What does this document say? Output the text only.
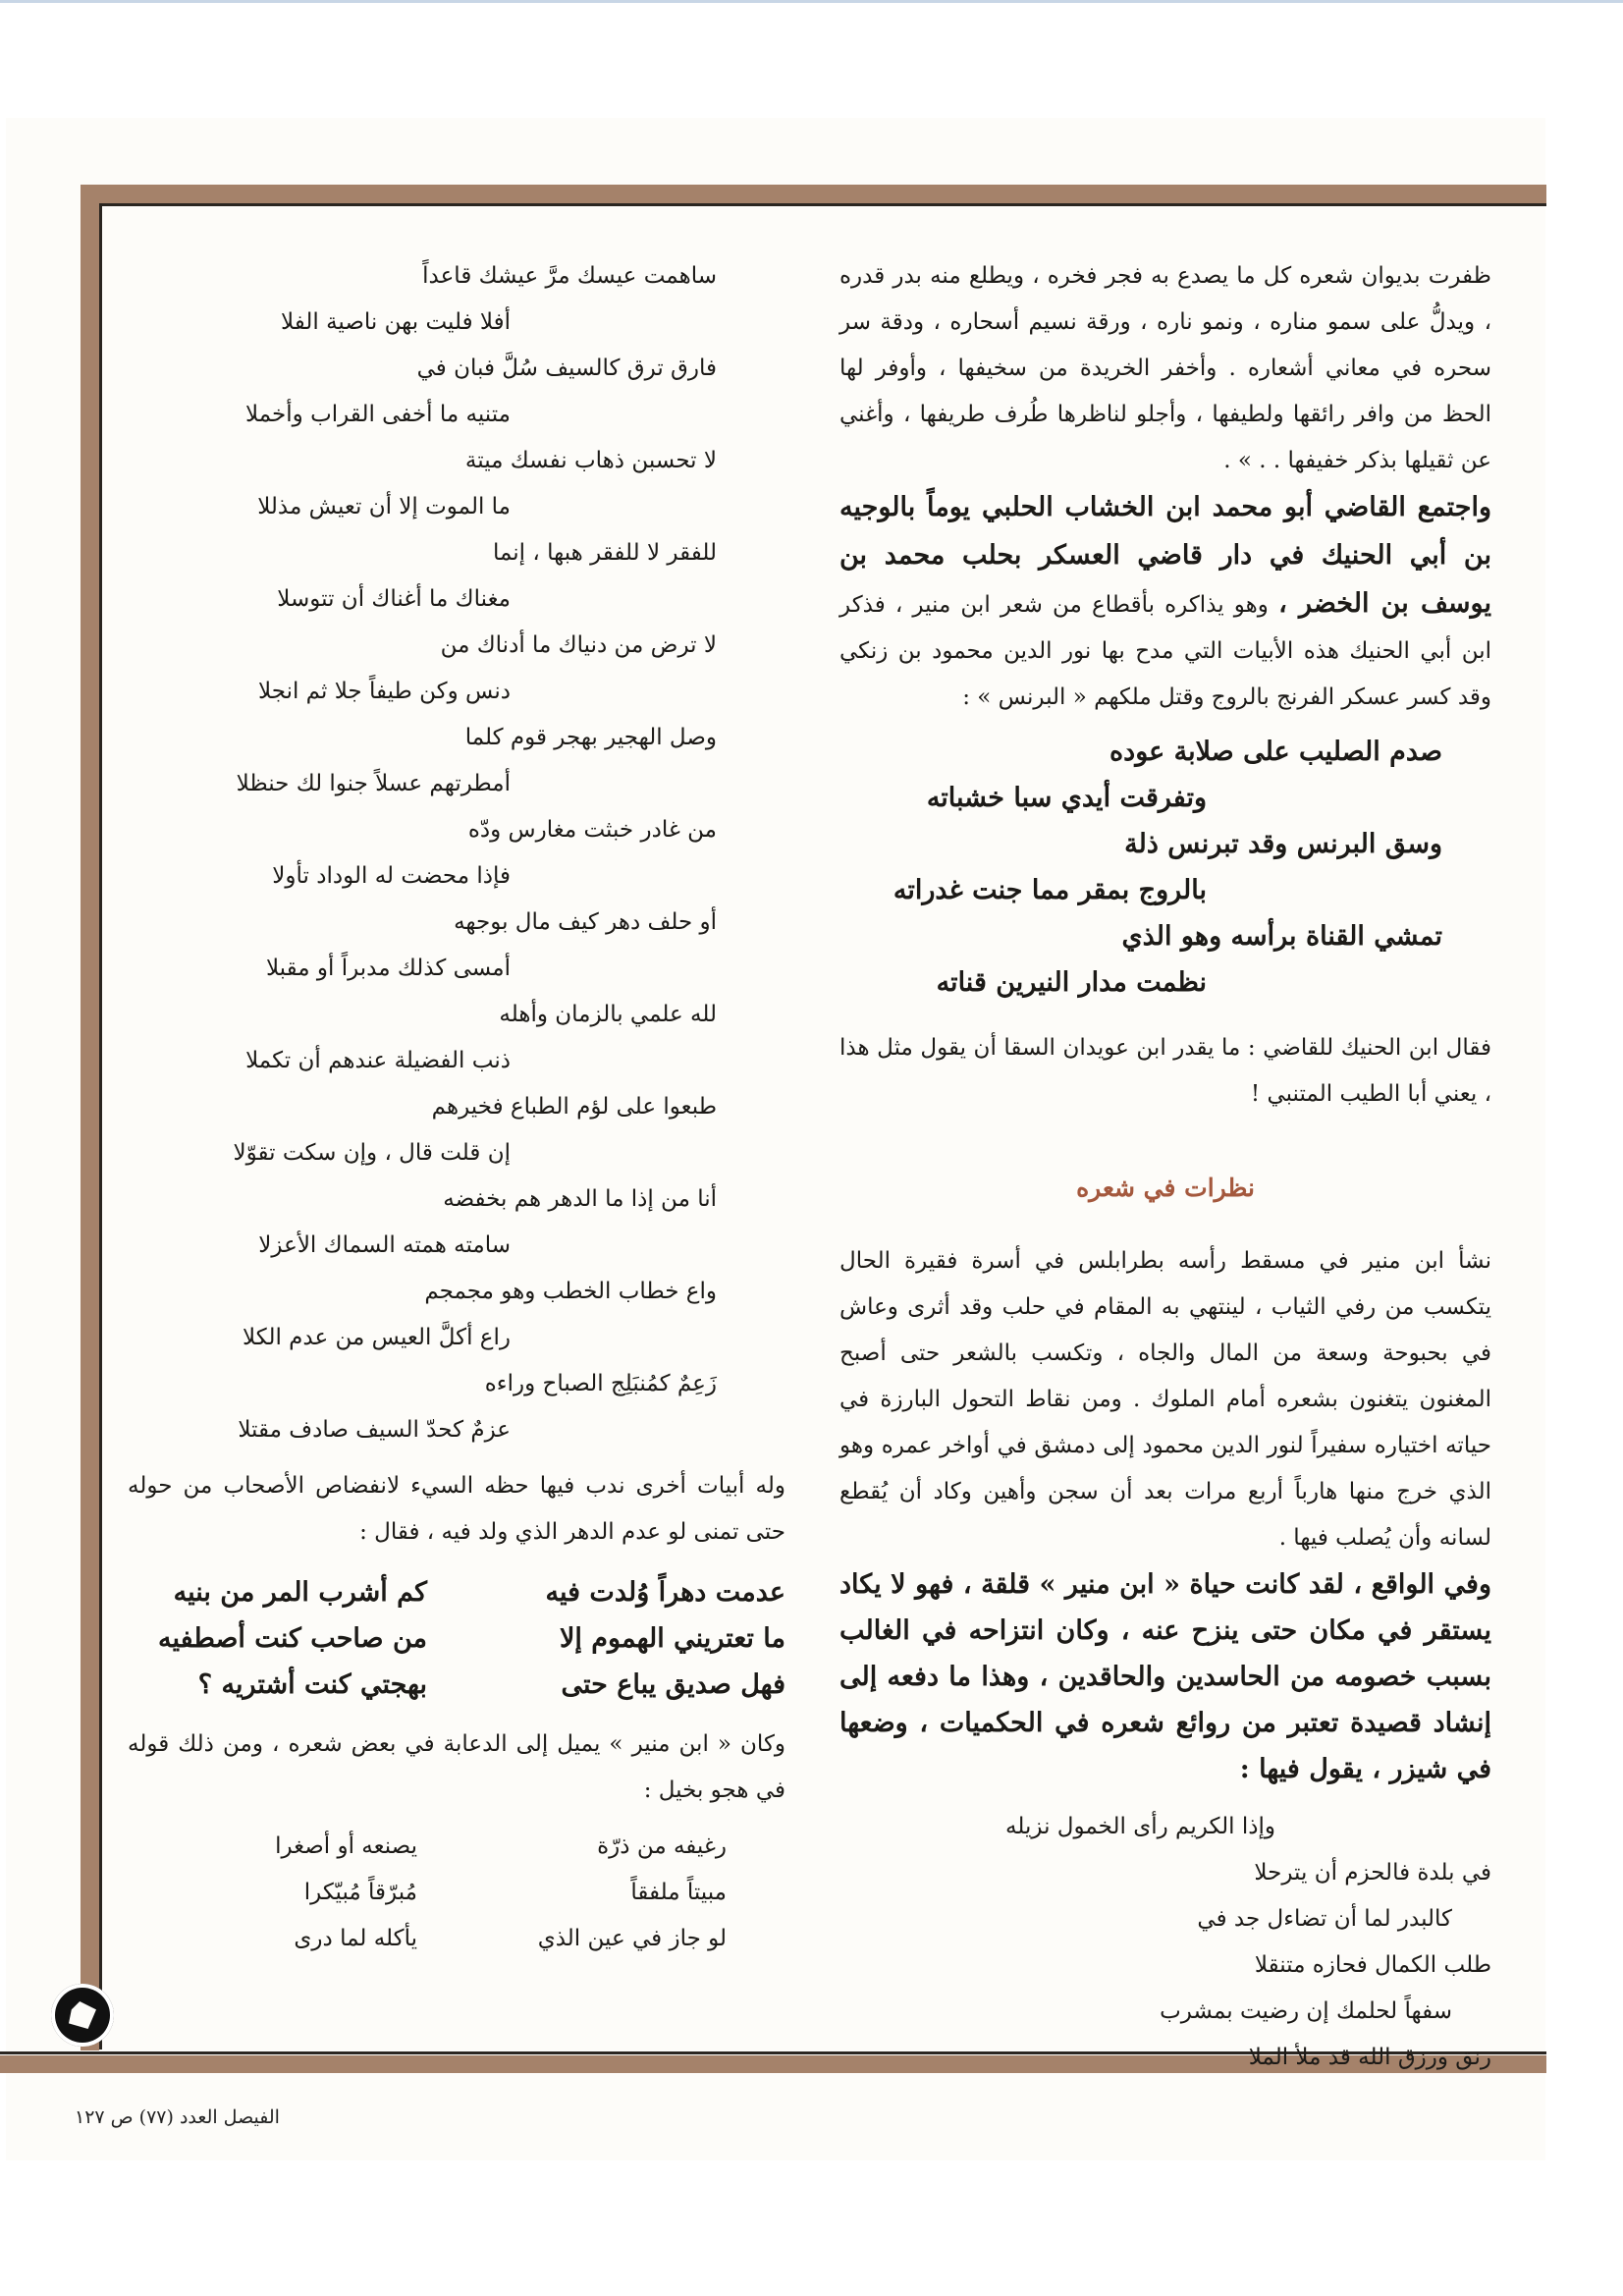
ظفرت بديوان شعره كل ما يصدع به فجر فخره ، ويطلع منه بدر قدره ، ويدلُّ على سمو مناره ، ونمو ناره ، ورقة نسيم أسحاره ، ودقة سر سحره في معاني أشعاره . وأخفر الخريدة من سخيفها ، وأوفر لها الحظ من وافر رائقها ولطيفها ، وأجلو لناظرها طُرف طريفها ، وأغني عن ثقيلها بذكر خفيفها . . » .

واجتمع القاضي أبو محمد ابن الخشاب الحلبي يوماً بالوجيه بن أبي الحنيك في دار قاضي العسكر بحلب محمد بن يوسف بن الخضر ، وهو يذاكره بأقطاع من شعر ابن منير ، فذكر ابن أبي الحنيك هذه الأبيات التي مدح بها نور الدين محمود بن زنكي وقد كسر عسكر الفرنج بالروج وقتل ملكهم « البرنس » :

صدم الصليب على صلابة عوده
وتفرقت أيدي سبا خشباته
وسق البرنس وقد تبرنس ذلة
بالروج بمقر مما جنت غدراته
تمشي القناة برأسه وهو الذي
نظمت مدار النيرين قناته

فقال ابن الحنيك للقاضي : ما يقدر ابن عويدان السقا أن يقول مثل هذا ، يعني أبا الطيب المتنبي !

نظرات في شعره

نشأ ابن منير في مسقط رأسه بطرابلس في أسرة فقيرة الحال يتكسب من رفي الثياب ، لينتهي به المقام في حلب وقد أثرى وعاش في بحبوحة وسعة من المال والجاه ، وتكسب بالشعر حتى أصبح المغنون يتغنون بشعره أمام الملوك . ومن نقاط التحول البارزة في حياته اختياره سفيراً لنور الدين محمود إلى دمشق في أواخر عمره وهو الذي خرج منها هارباً أربع مرات بعد أن سجن وأهين وكاد أن يُقطع لسانه وأن يُصلب فيها .

وفي الواقع ، لقد كانت حياة « ابن منير » قلقة ، فهو لا يكاد يستقر في مكان حتى ينزح عنه ، وكان انتزاحه في الغالب بسبب خصومه من الحاسدين والحاقدين ، وهذا ما دفعه إلى إنشاد قصيدة تعتبر من روائع شعره في الحكميات ، وضعها في شيزر ، يقول فيها :

وإذا الكريم رأى الخمول نزيله
في بلدة فالحزم أن يترحلا
كالبدر لما أن تضاءل جد في
طلب الكمال فحازه متنقلا
سفهاً لحلمك إن رضيت بمشرب
رنق ورزق الله قد ملأ الملا
ساهمت عيسك مرَّ عيشك قاعداً
أفلا فليت بهن ناصية الفلا
فارق ترق كالسيف سُلَّ فبان في
متنيه ما أخفى القراب وأخملا
لا تحسبن ذهاب نفسك ميتة
ما الموت إلا أن تعيش مذللا
للفقر لا للفقر هبها ، إنما
مغناك ما أغناك أن تتوسلا
لا ترض من دنياك ما أدناك من
دنس وكن طيفاً جلا ثم انجلا
وصل الهجير بهجر قوم كلما
أمطرتهم عسلاً جنوا لك حنظلا
من غادر خبثت مغارس ودّه
فإذا محضت له الوداد تأولا
أو حلف دهر كيف مال بوجهه
أمسى كذلك مدبراً أو مقبلا
لله علمي بالزمان وأهله
ذنب الفضيلة عندهم أن تكملا
طبعوا على لؤم الطباع فخيرهم
إن قلت قال ، وإن سكت تقوّلا
أنا من إذا ما الدهر هم بخفضه
سامته همته السماك الأعزلا
واع خطاب الخطب وهو مجمجم
راع أكلَّ العيس من عدم الكلا
زَعِمٌ كمُنبَلِج الصباح وراءه
عزمٌ كحدّ السيف صادف مقتلا

وله أبيات أخرى ندب فيها حظه السيء لانفضاص الأصحاب من حوله حتى تمنى لو عدم الدهر الذي ولد فيه ، فقال :

عدمت دهراً وُلدت فيه
كم أشرب المر من بنيه
ما تعتريني الهموم إلا
من صاحب كنت أصطفيه
فهل صديق يباع حتى
بهجتي كنت أشتريه ؟

وكان « ابن منير » يميل إلى الدعابة في بعض شعره ، ومن ذلك قوله في هجو بخيل :

رغيفه من ذرّة
يصنعه أو أصغرا
مبيتاً ملفقاً
مُبرّقاً مُبيّكرا
لو جاز في عين الذي
يأكله لما درى
الفيصل العدد (٧٧) ص ١٢٧
